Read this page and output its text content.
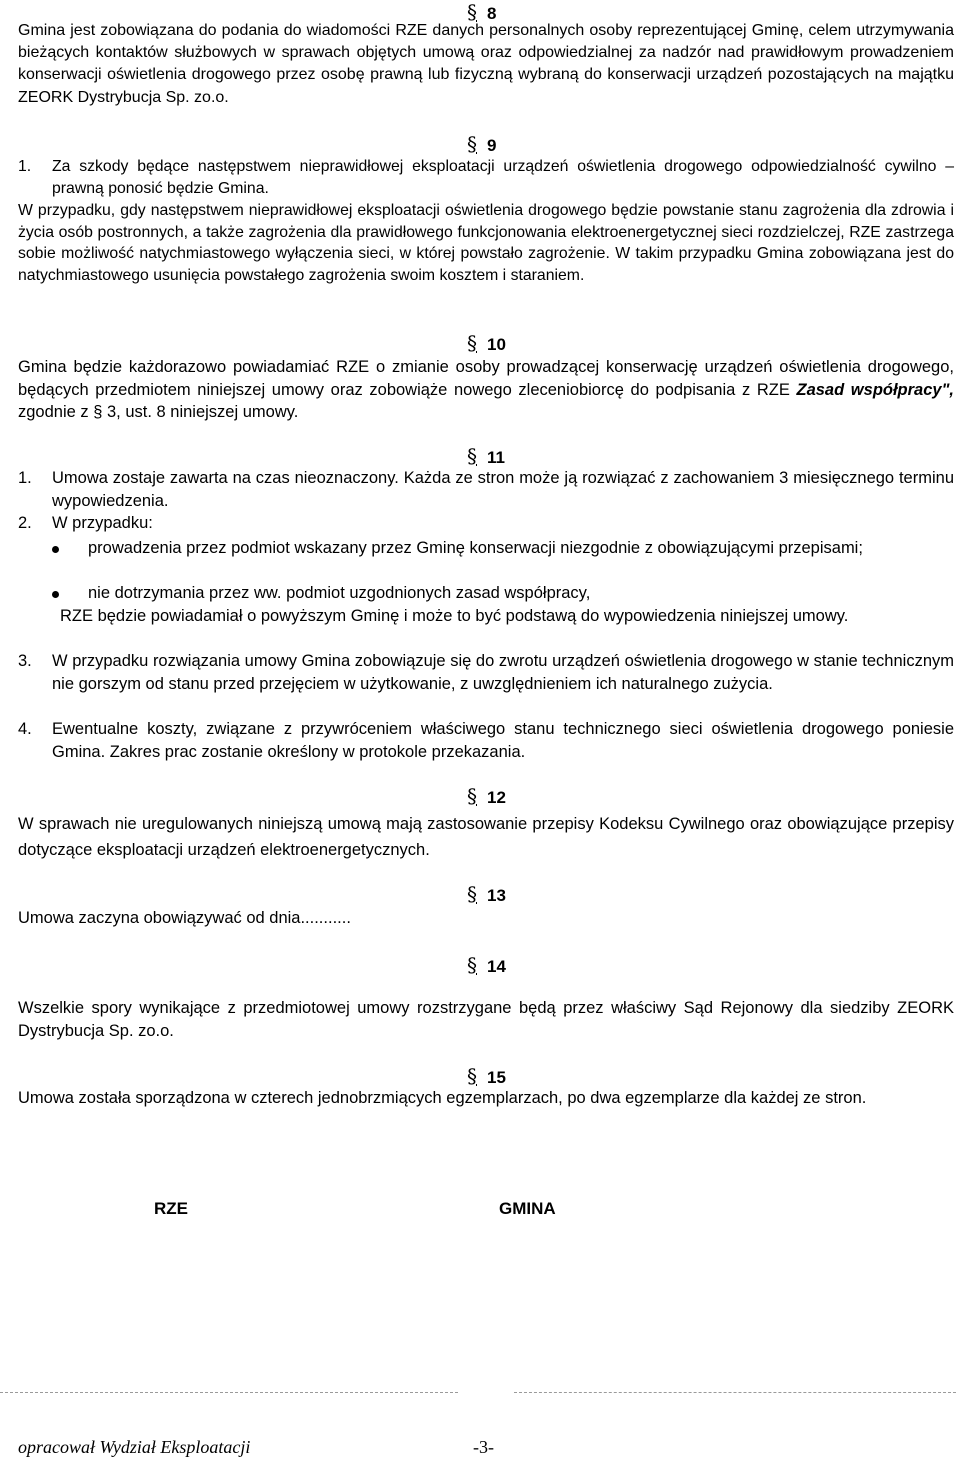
§ 8
Gmina jest zobowiązana do podania do wiadomości RZE danych personalnych osoby reprezentującej Gminę, celem utrzymywania bieżących kontaktów służbowych w sprawach objętych umową oraz odpowiedzialnej za nadzór nad prawidłowym prowadzeniem konserwacji oświetlenia drogowego przez osobę prawną lub fizyczną wybraną do konserwacji urządzeń pozostających na majątku ZEORK Dystrybucja Sp. zo.o.
§ 9
1. Za szkody będące następstwem nieprawidłowej eksploatacji urządzeń oświetlenia drogowego odpowiedzialność cywilno – prawną ponosić będzie Gmina.
W przypadku, gdy następstwem nieprawidłowej eksploatacji oświetlenia drogowego będzie powstanie stanu zagrożenia dla zdrowia i życia osób postronnych, a także zagrożenia dla prawidłowego funkcjonowania elektroenergetycznej sieci rozdzielczej, RZE zastrzega sobie możliwość natychmiastowego wyłączenia sieci, w której powstało zagrożenie. W takim przypadku Gmina zobowiązana jest do natychmiastowego usunięcia powstałego zagrożenia swoim kosztem i staraniem.
§ 10
Gmina będzie każdorazowo powiadamiać RZE o zmianie osoby prowadzącej konserwację urządzeń oświetlenia drogowego, będących przedmiotem niniejszej umowy oraz zobowiąże nowego zleceniobiorcę do podpisania z RZE Zasad współpracy", zgodnie z § 3, ust. 8 niniejszej umowy.
§ 11
1. Umowa zostaje zawarta na czas nieoznaczony. Każda ze stron może ją rozwiązać z zachowaniem 3 miesięcznego terminu wypowiedzenia.
2. W przypadku:
prowadzenia przez podmiot wskazany przez Gminę konserwacji niezgodnie z obowiązującymi przepisami;
nie dotrzymania przez ww. podmiot uzgodnionych zasad współpracy,
RZE będzie powiadamiał o powyższym Gminę i może to być podstawą do wypowiedzenia niniejszej umowy.
3. W przypadku rozwiązania umowy Gmina zobowiązuje się do zwrotu urządzeń oświetlenia drogowego w stanie technicznym nie gorszym od stanu przed przejęciem w użytkowanie, z uwzględnieniem ich naturalnego zużycia.
4. Ewentualne koszty, związane z przywróceniem właściwego stanu technicznego sieci oświetlenia drogowego poniesie Gmina. Zakres prac zostanie określony w protokole przekazania.
§ 12
W sprawach nie uregulowanych niniejszą umową mają zastosowanie przepisy Kodeksu Cywilnego oraz obowiązujące przepisy dotyczące eksploatacji urządzeń elektroenergetycznych.
§ 13
Umowa zaczyna obowiązywać od dnia...........
§ 14
Wszelkie spory wynikające z przedmiotowej umowy rozstrzygane będą przez właściwy Sąd Rejonowy dla siedziby ZEORK Dystrybucja Sp. zo.o.
§ 15
Umowa została sporządzona w czterech jednobrzmiących egzemplarzach, po dwa egzemplarze dla każdej ze stron.
RZE	GMINA
opracował Wydział Eksploatacji	-3-
